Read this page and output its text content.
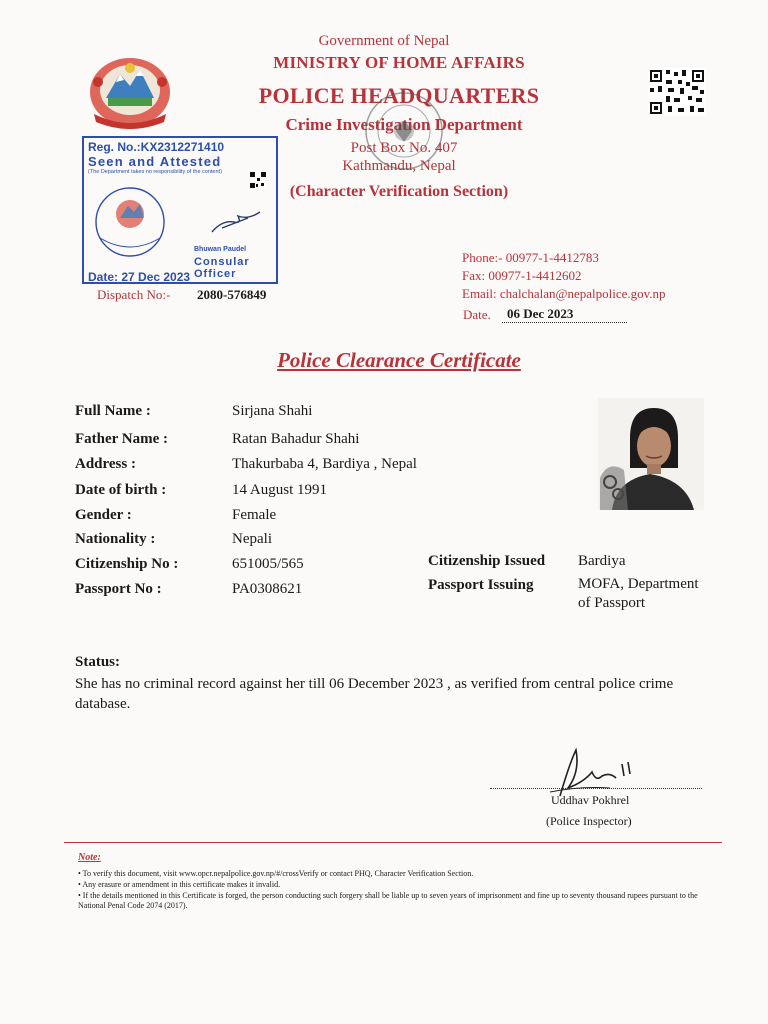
Government of Nepal
MINISTRY OF HOME AFFAIRS
POLICE HEADQUARTERS
Crime Investigation Department
Post Box No. 407
Kathmandu, Nepal
(Character Verification Section)
Reg. No.:KX2312271410
Seen and Attested
(The Department takes no responsibility of the content)
Bhuwan Paudel
Consular Officer
Date: 27 Dec 2023
Dispatch No:- 2080-576849
Phone:- 00977-1-4412783
Fax: 00977-1-4412602
Email: chalchalan@nepalpolice.gov.np
Date.	06 Dec 2023
Police Clearance Certificate
Full Name :	Sirjana Shahi
Father Name :	Ratan Bahadur Shahi
Address :	Thakurbaba 4, Bardiya , Nepal
Date of birth :	14 August 1991
Gender :	Female
Nationality :	Nepali
Citizenship No :	651005/565
Passport No :	PA0308621
Citizenship Issued Bardiya
Passport Issuing	MOFA, Department
of Passport
Status:
She has no criminal record against her till 06 December 2023 , as verified from central police crime database.
Uddhav Pokhrel
(Police Inspector)
Note:
• To verify this document, visit www.opcr.nepalpolice.gov.np/#/crossVerify or contact PHQ, Character Verification Section.
• Any erasure or amendment in this certificate makes it invalid.
• If the details mentioned in this Certificate is forged, the person conducting such forgery shall be liable up to seven years of imprisonment and fine up to seventy thousand rupees pursuant to the National Penal Code 2074 (2017).
